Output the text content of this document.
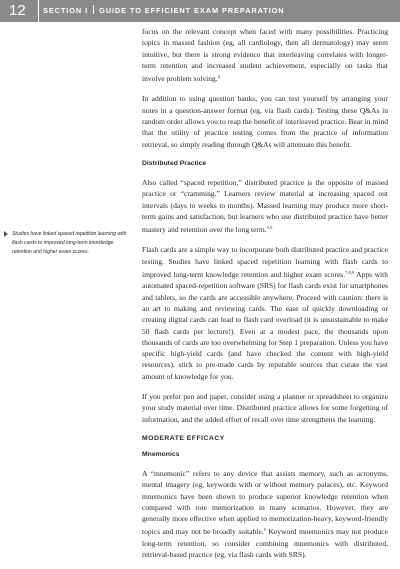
12	SECTION I GUIDE TO EFFICIENT EXAM PREPARATION
Studies have linked spaced repetition learning with flash cards to improved long-term knowledge retention and higher exam scores.

focus on the relevant concept when faced with many possibilities. Practicing topics in massed fashion (eg, all cardiology, then all dermatology) may seem intuitive, but there is strong evidence that interleaving correlates with longer-term retention and increased student achievement, especially on tasks that involve problem solving.$^4$

In addition to using question banks, you can test yourself by arranging your notes in a question-answer format (eg, via flash cards). Testing these Q&As in random order allows you to reap the benefit of interleaved practice. Bear in mind that the utility of practice testing comes from the practice of information retrieval, so simply reading through Q&As will attenuate this benefit.

Distributed Practice

Also called “spaced repetition,” distributed practice is the opposite of massed practice or “cramming.” Learners review material at increasing spaced out intervals (days to weeks to months). Massed learning may produce more short-term gains and satisfaction, but learners who use distributed practice have better mastery and retention over the long term.$^{5,9}$

Flash cards are a simple way to incorporate both distributed practice and practice testing. Studies have linked spaced repetition learning with flash cards to improved long-term knowledge retention and higher exam scores.$^{7,8,9}$ Apps with automated spaced-repetition software (SRS) for flash cards exist for smartphones and tablets, so the cards are accessible anywhere. Proceed with caution: there is an art to making and reviewing cards. The ease of quickly downloading or creating digital cards can lead to flash card overload (it is unsustainable to make 50 flash cards per lecture!). Even at a modest pace, the thousands upon thousands of cards are too overwhelming for Step 1 preparation. Unless you have specific high-yield cards (and have checked the content with high-yield resources), stick to pre-made cards by reputable sources that curate the vast amount of knowledge for you.

If you prefer pen and paper, consider using a planner or spreadsheet to organize your study material over time. Distributed practice allows for some forgetting of information, and the added effort of recall over time strengthens the learning.

MODERATE EFFICACY
Mnemonics

A “mnemonic” refers to any device that assists memory, such as acronyms, mental imagery (eg, keywords with or without memory palaces), etc. Keyword mnemonics have been shown to produce superior knowledge retention when compared with rote memorization in many scenarios. However, they are generally more effective when applied to memorization-heavy, keyword-friendly topics and may not be broadly suitable.$^5$ Keyword mnemonics may not produce long-term retention, so consider combining mnemonics with distributed, retrieval-based practice (eg, via flash cards with SRS).
